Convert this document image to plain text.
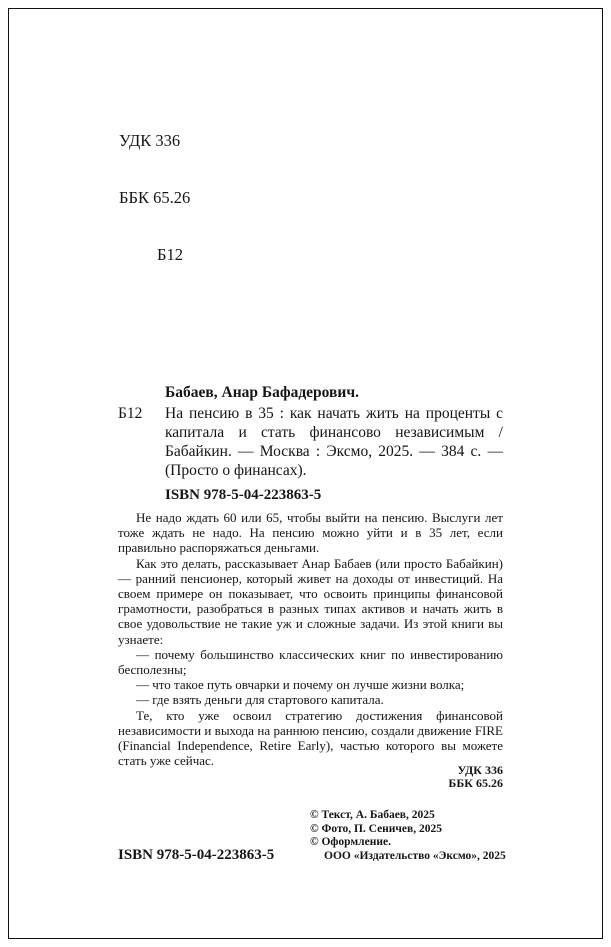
УДК 336

ББК 65.26

Б12

Бабаев, Анар Бафадерович.

Б12 На пенсию в 35 : как начать жить на проценты с капитала и стать финансово независимым / Бабайкин. — Москва : Эксмо, 2025. — 384 с. — (Просто о финансах).

ISBN 978-5-04-223863-5

Не надо ждать 60 или 65, чтобы выйти на пенсию. Выслуги лет тоже ждать не надо. На пенсию можно уйти и в 35 лет, если правильно распоряжаться деньгами.

Как это делать, рассказывает Анар Бабаев (или просто Бабайкин) — ранний пенсионер, который живет на доходы от инвестиций. На своем примере он показывает, что освоить принципы финансовой грамотности, разобраться в разных типах активов и начать жить в свое удовольствие не такие уж и сложные задачи. Из этой книги вы узнаете:

— почему большинство классических книг по инвестированию бесполезны;

— что такое путь овчарки и почему он лучше жизни волка;

— где взять деньги для стартового капитала.

Те, кто уже освоил стратегию достижения финансовой независимости и выхода на раннюю пенсию, создали движение FIRE (Financial Independence, Retire Early), частью которого вы можете стать уже сейчас.

УДК 336
ББК 65.26
© Текст, А. Бабаев, 2025
© Фото, П. Сеничев, 2025
© Оформление.
ООО «Издательство «Эксмо», 2025
ISBN 978-5-04-223863-5
